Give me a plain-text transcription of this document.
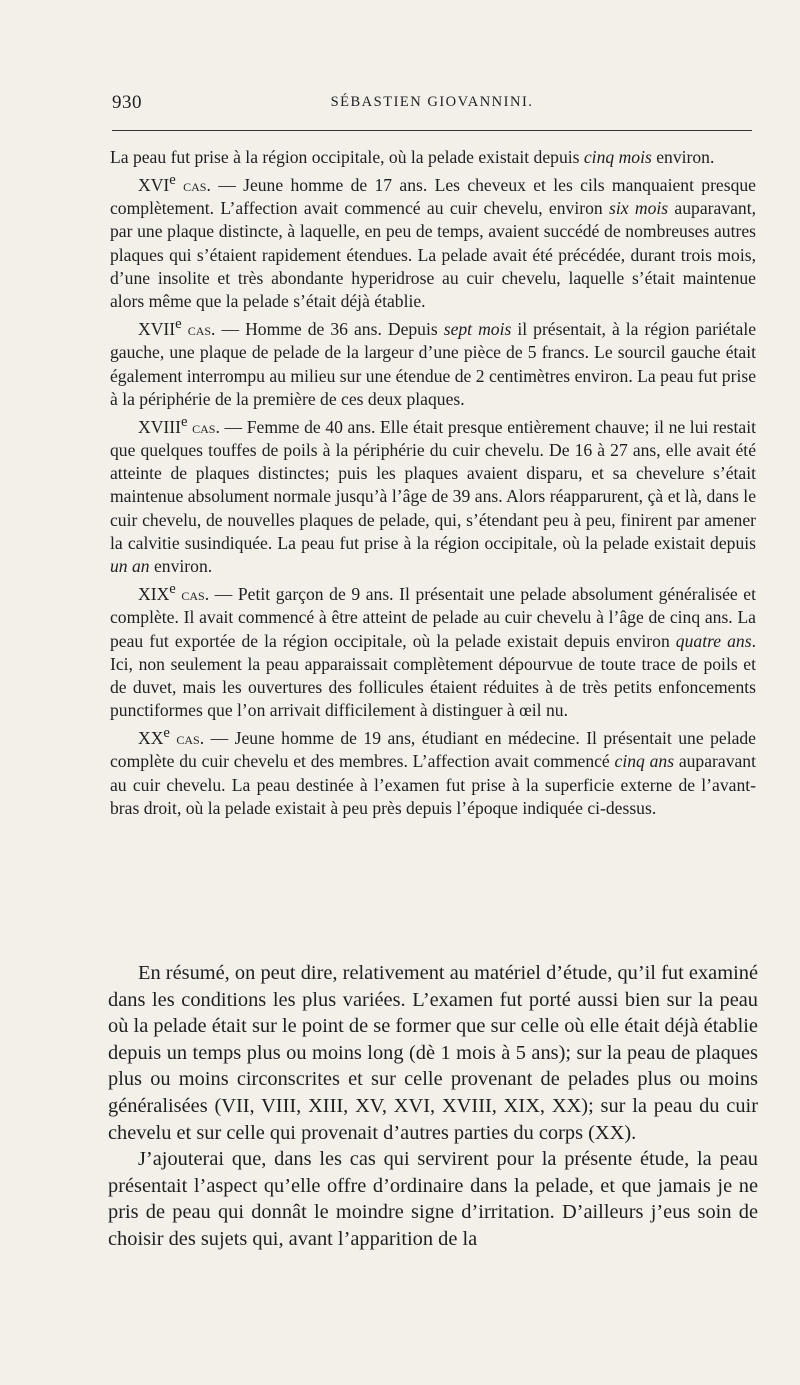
930	SÉBASTIEN GIOVANNINI.

La peau fut prise à la région occipitale, où la pelade existait depuis cinq mois environ.

XVIe cas. — Jeune homme de 17 ans. Les cheveux et les cils manquaient presque complètement. L’affection avait commencé au cuir chevelu, environ six mois auparavant, par une plaque distincte, à laquelle, en peu de temps, avaient succédé de nombreuses autres plaques qui s’étaient rapidement étendues. La pelade avait été précédée, durant trois mois, d’une insolite et très abondante hyperidrose au cuir chevelu, laquelle s’était maintenue alors même que la pelade s’était déjà établie.

XVIIe cas. — Homme de 36 ans. Depuis sept mois il présentait, à la région pariétale gauche, une plaque de pelade de la largeur d’une pièce de 5 francs. Le sourcil gauche était également interrompu au milieu sur une étendue de 2 centimètres environ. La peau fut prise à la périphérie de la première de ces deux plaques.

XVIIIe cas. — Femme de 40 ans. Elle était presque entièrement chauve; il ne lui restait que quelques touffes de poils à la périphérie du cuir chevelu. De 16 à 27 ans, elle avait été atteinte de plaques distinctes; puis les plaques avaient disparu, et sa chevelure s’était maintenue absolument normale jusqu’à l’âge de 39 ans. Alors réapparurent, çà et là, dans le cuir chevelu, de nouvelles plaques de pelade, qui, s’étendant peu à peu, finirent par amener la calvitie susindiquée. La peau fut prise à la région occipitale, où la pelade existait depuis un an environ.

XIXe cas. — Petit garçon de 9 ans. Il présentait une pelade absolument généralisée et complète. Il avait commencé à être atteint de pelade au cuir chevelu à l’âge de cinq ans. La peau fut exportée de la région occipitale, où la pelade existait depuis environ quatre ans. Ici, non seulement la peau apparaissait complètement dépourvue de toute trace de poils et de duvet, mais les ouvertures des follicules étaient réduites à de très petits enfoncements punctiformes que l’on arrivait difficilement à distinguer à œil nu.

XXe cas. — Jeune homme de 19 ans, étudiant en médecine. Il présentait une pelade complète du cuir chevelu et des membres. L’affection avait commencé cinq ans auparavant au cuir chevelu. La peau destinée à l’examen fut prise à la superficie externe de l’avant-bras droit, où la pelade existait à peu près depuis l’époque indiquée ci-dessus.

En résumé, on peut dire, relativement au matériel d’étude, qu’il fut examiné dans les conditions les plus variées. L’examen fut porté aussi bien sur la peau où la pelade était sur le point de se former que sur celle où elle était déjà établie depuis un temps plus ou moins long (dè 1 mois à 5 ans); sur la peau de plaques plus ou moins circonscrites et sur celle provenant de pelades plus ou moins généralisées (VII, VIII, XIII, XV, XVI, XVIII, XIX, XX); sur la peau du cuir chevelu et sur celle qui provenait d’autres parties du corps (XX).

J’ajouterai que, dans les cas qui servirent pour la présente étude, la peau présentait l’aspect qu’elle offre d’ordinaire dans la pelade, et que jamais je ne pris de peau qui donnât le moindre signe d’irritation. D’ailleurs j’eus soin de choisir des sujets qui, avant l’apparition de la
